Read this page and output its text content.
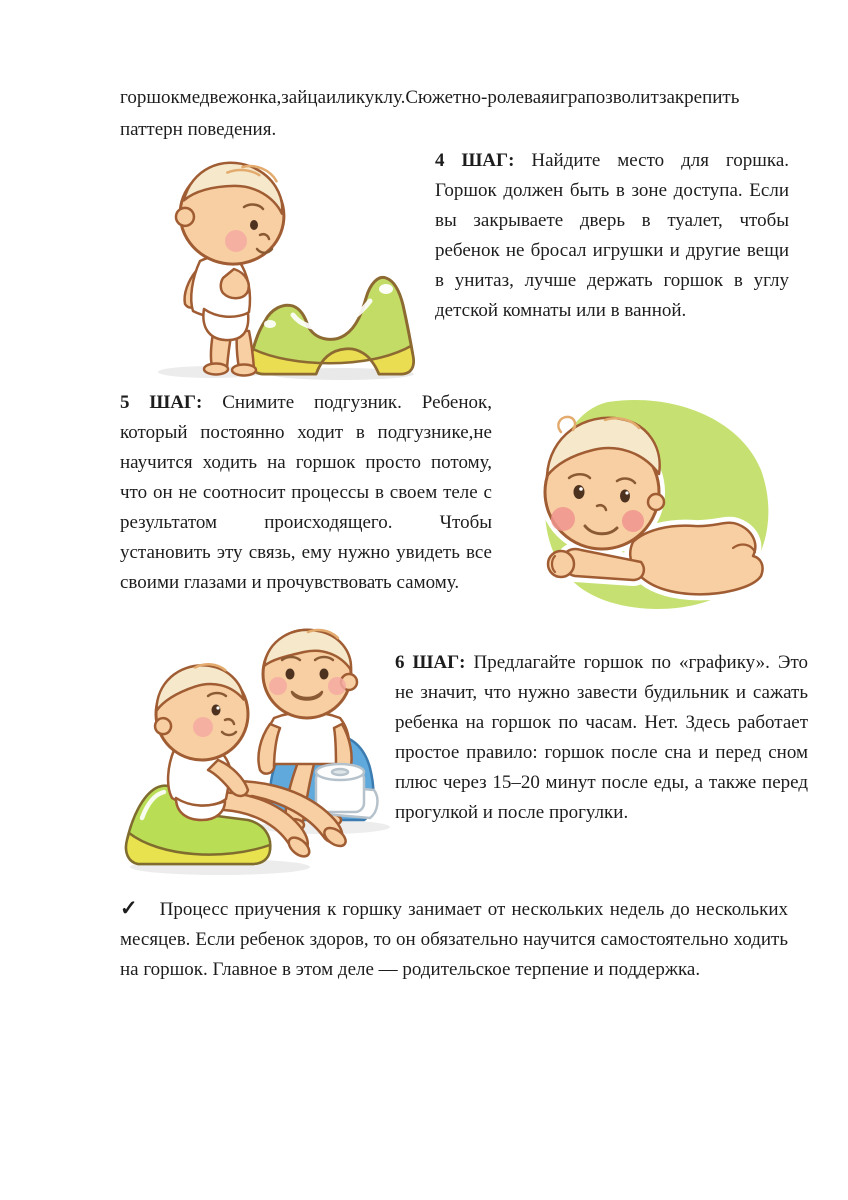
горшокмедвежонка,зайцаиликуклу.Сюжетно-ролеваяиграпозволитзакрепить
паттерн поведения.
4 ШАГ: Найдите место для горшка. Горшок должен быть в зоне доступа. Если вы закрываете дверь в туалет, чтобы ребенок не бросал игрушки и другие вещи в унитаз, лучше держать горшок в углу детской комнаты или в ванной.
5 ШАГ: Снимите подгузник. Ребенок, который постоянно ходит в подгузнике,не научится ходить на горшок просто потому, что он не соотносит процессы в своем теле с результатом происходящего. Чтобы установить эту связь, ему нужно увидеть все своими глазами и прочувствовать самому.
6 ШАГ: Предлагайте горшок по «графику». Это не значит, что нужно завести будильник и сажать ребенка на горшок по часам. Нет. Здесь работает простое правило: горшок после сна и перед сном плюс через 15–20 минут после еды, а также перед прогулкой и после прогулки.
✓ Процесс приучения к горшку занимает от нескольких недель до нескольких месяцев. Если ребенок здоров, то он обязательно научится самостоятельно ходить на горшок. Главное в этом деле — родительское терпение и поддержка.
